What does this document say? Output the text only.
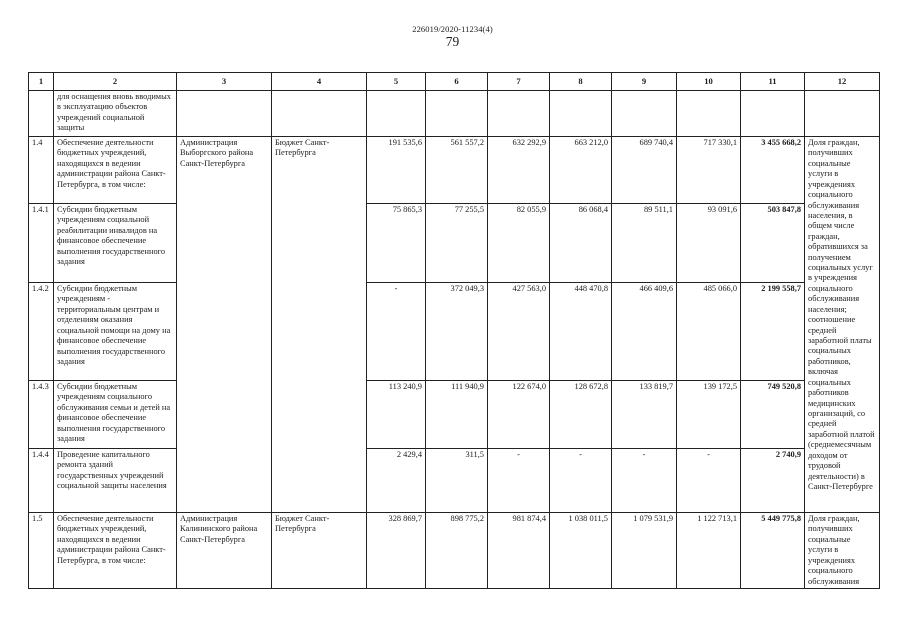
226019/2020-11234(4)
79
1	2	3	4	5	6	7	8	9	10	11	12
	для оснащения вновь вводимых в эксплуатацию объектов учреждений социальной защиты										
1.4	Обеспечение деятельности бюджетных учреждений, находящихся в ведении администрации района Санкт-Петербурга, в том числе:	Администрация Выборгского района Санкт-Петербурга	Бюджет Санкт-Петербурга	191 535,6	561 557,2	632 292,9	663 212,0	689 740,4	717 330,1	3 455 668,2	Доля граждан, получивших социальные услуги в учреждениях социального обслуживания населения, в общем числе граждан, обратившихся за получением социальных услуг в учреждения социального обслуживания населения; соотношение средней заработной платы социальных работников, включая социальных работников медицинских организаций, со средней заработной платой (среднемесячным доходом от трудовой деятельности) в Санкт-Петербурге
1.4.1	Субсидии бюджетным учреждениям социальной реабилитации инвалидов на финансовое обеспечение выполнения государственного задания			75 865,3	77 255,5	82 055,9	86 068,4	89 511,1	93 091,6	503 847,8	
1.4.2	Субсидии бюджетным учреждениям - территориальным центрам и отделениям оказания социальной помощи на дому на финансовое обеспечение выполнения государственного задания			-	372 049,3	427 563,0	448 470,8	466 409,6	485 066,0	2 199 558,7	
1.4.3	Субсидии бюджетным учреждениям социального обслуживания семьи и детей на финансовое обеспечение выполнения государственного задания			113 240,9	111 940,9	122 674,0	128 672,8	133 819,7	139 172,5	749 520,8	
1.4.4	Проведение капитального ремонта зданий государственных учреждений социальной защиты населения			2 429,4	311,5	-	-	-	-	2 740,9	
1.5	Обеспечение деятельности бюджетных учреждений, находящихся в ведении администрации района Санкт-Петербурга, в том числе:	Администрация Калининского района Санкт-Петербурга	Бюджет Санкт-Петербурга	328 869,7	898 775,2	981 874,4	1 038 011,5	1 079 531,9	1 122 713,1	5 449 775,8	Доля граждан, получивших социальные услуги в учреждениях социального обслуживания
